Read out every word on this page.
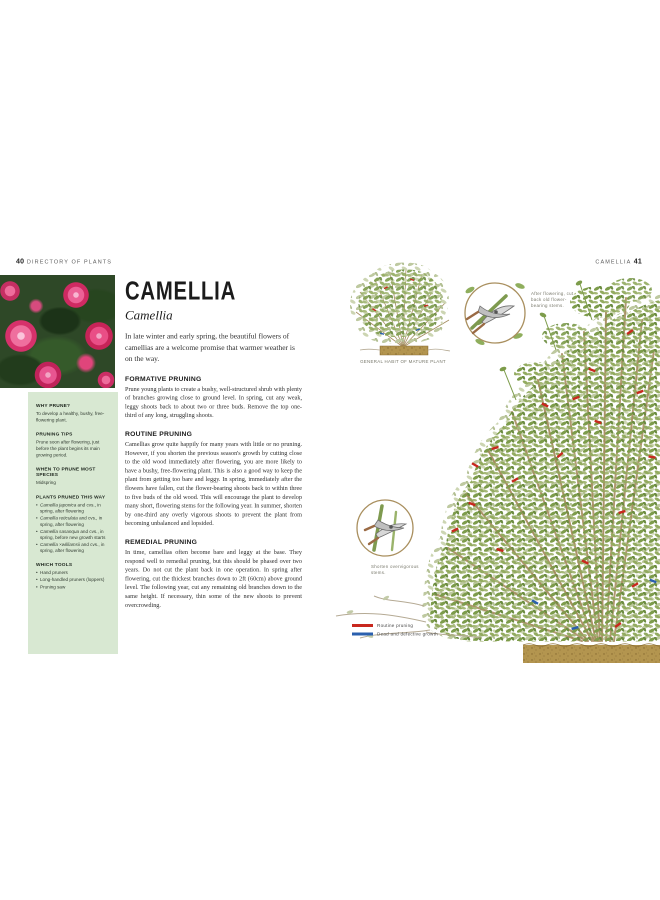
40 DIRECTORY OF PLANTS	CAMELLIA 41
WHY PRUNE?
To develop a healthy, bushy, free-flowering plant.
PRUNING TIPS
Prune soon after flowering, just before the plant begins its main growing period.
WHEN TO PRUNE MOST SPECIES
Midspring
PLANTS PRUNED THIS WAY
• Camellia japonica and cvs., in spring, after flowering
• Camellia reticulata and cvs., in spring, after flowering
• Camellia sasanqua and cvs., in spring, before new growth starts
• Camellia ×williamsii and cvs., in spring, after flowering
WHICH TOOLS
• Hand pruners
• Long-handled pruners (loppers)
• Pruning saw
CAMELLIA
Camellia
In late winter and early spring, the beautiful flowers of camellias are a welcome promise that warmer weather is on the way.
FORMATIVE PRUNING
Prune young plants to create a bushy, well-structured shrub with plenty of branches growing close to ground level. In spring, cut any weak, leggy shoots back to about two or three buds. Remove the top one-third of any long, struggling shoots.
ROUTINE PRUNING
Camellias grow quite happily for many years with little or no pruning. However, if you shorten the previous season's growth by cutting close to the old wood immediately after flowering, you are more likely to have a bushy, free-flowering plant. This is also a good way to keep the plant from getting too bare and leggy. In spring, immediately after the flowers have fallen, cut the flower-bearing shoots back to within three to five buds of the old wood. This will encourage the plant to develop many short, flowering stems for the following year. In summer, shorten by one-third any overly vigorous shoots to prevent the plant from becoming unbalanced and lopsided.
REMEDIAL PRUNING
In time, camellias often become bare and leggy at the base. They respond well to remedial pruning, but this should be phased over two years. Do not cut the plant back in one operation. In spring after flowering, cut the thickest branches down to 2ft (60cm) above ground level. The following year, cut any remaining old branches down to the same height. If necessary, thin some of the new shoots to prevent overcrowding.
GENERAL HABIT OF MATURE PLANT
After flowering, cut back old flower-bearing stems.
Shorten overvigorous stems.
Routine pruning
Dead and defective growth
